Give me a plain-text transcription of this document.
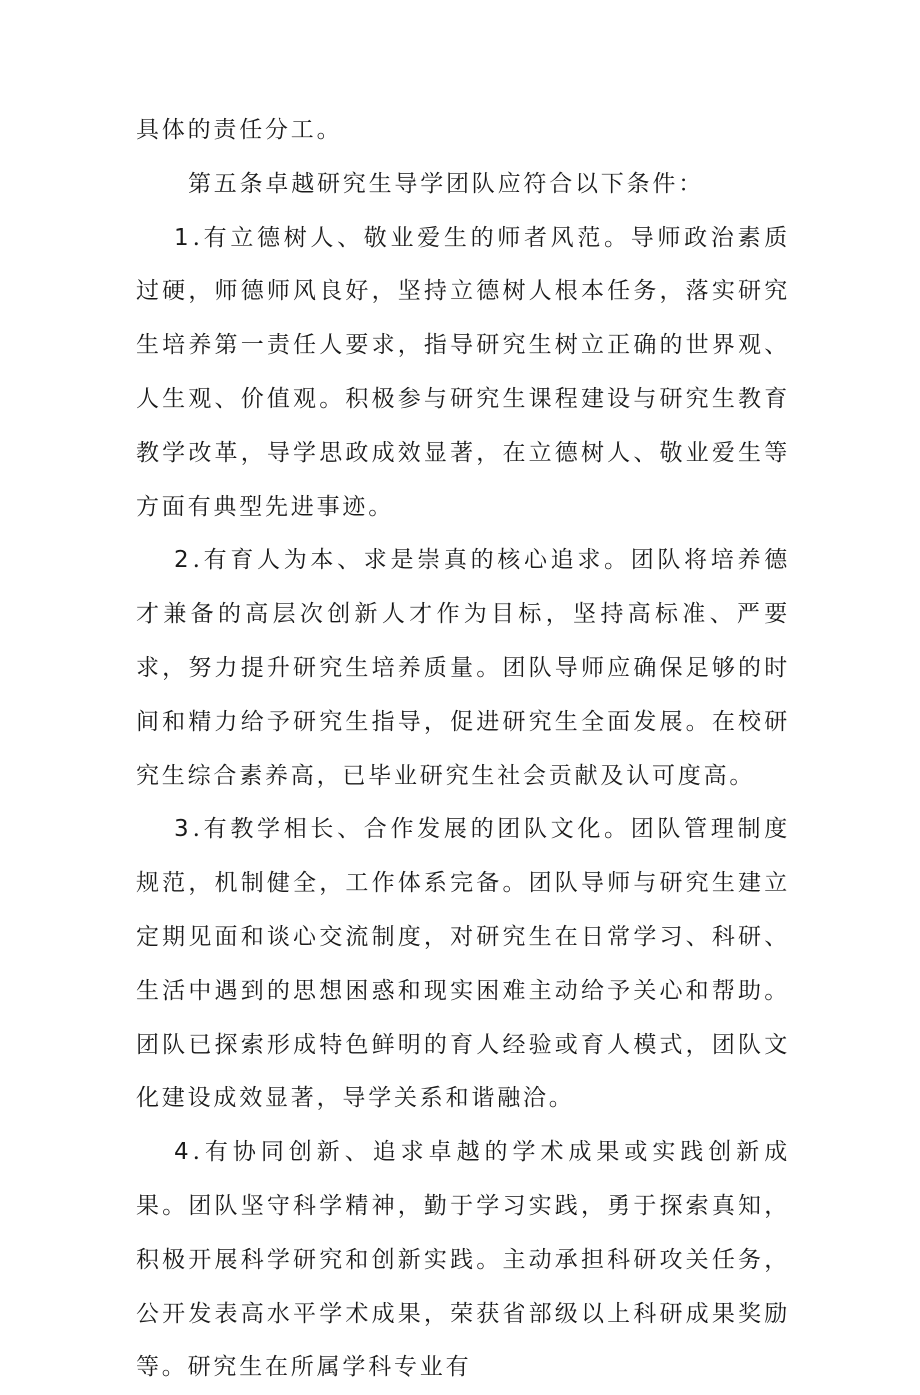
具体的责任分工。

第五条卓越研究生导学团队应符合以下条件：

1 .有立德树人、敬业爱生的师者风范。导师政治素质过硬，师德师风良好，坚持立德树人根本任务，落实研究生培养第一责任人要求，指导研究生树立正确的世界观、人生观、价值观。积极参与研究生课程建设与研究生教育教学改革，导学思政成效显著，在立德树人、敬业爱生等方面有典型先进事迹。

2 .有育人为本、求是崇真的核心追求。团队将培养德才兼备的高层次创新人才作为目标，坚持高标准、严要求，努力提升研究生培养质量。团队导师应确保足够的时间和精力给予研究生指导，促进研究生全面发展。在校研究生综合素养高，已毕业研究生社会贡献及认可度高。

3 .有教学相长、合作发展的团队文化。团队管理制度规范，机制健全，工作体系完备。团队导师与研究生建立定期见面和谈心交流制度，对研究生在日常学习、科研、生活中遇到的思想困惑和现实困难主动给予关心和帮助。团队已探索形成特色鲜明的育人经验或育人模式，团队文化建设成效显著，导学关系和谐融洽。

4 .有协同创新、追求卓越的学术成果或实践创新成果。团队坚守科学精神，勤于学习实践，勇于探索真知，积极开展科学研究和创新实践。主动承担科研攻关任务，公开发表高水平学术成果，荣获省部级以上科研成果奖励等。研究生在所属学科专业有
